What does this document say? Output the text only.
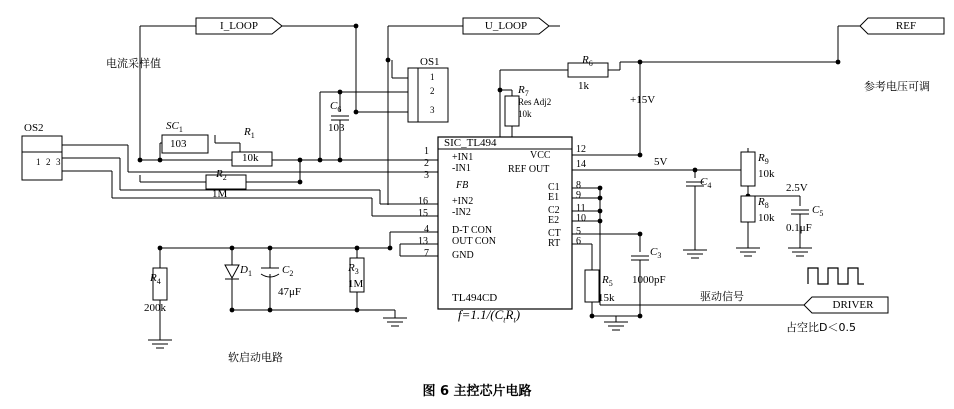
I_LOOP	U_LOOP	REF
DRIVER
电流采样值
参考电压可调
软启动电路
驱动信号
占空比D＜0.5
+15V
5V
2.5V
OS2
1 2 3
OS1
1
2
3
SIC_TL494
TL494CD
$f=1.1/(C_tR_t)$
1
2
3
16
15
4
13
7
+IN1
-IN1
FB
+IN2
-IN2
D-T CON
OUT CON
GND
12
14
8
9
11
10
5
6
VCC
REF OUT
C1
E1
C2
E2
CT
RT
$SC_1$
103
$R_1$
10k
$R_2$
1M
$C_6$
103
$R_7$
Res Adj2
10k
$R_6$
1k
$R_9$
10k
$R_8$
10k
$C_4$
$C_5$
0.1μF
$D_1$	$C_2$
47μF
$R_3$
1M
$R_4$
200k
$R_5$
15k
$C_3$
1000pF
图 6 主控芯片电路
